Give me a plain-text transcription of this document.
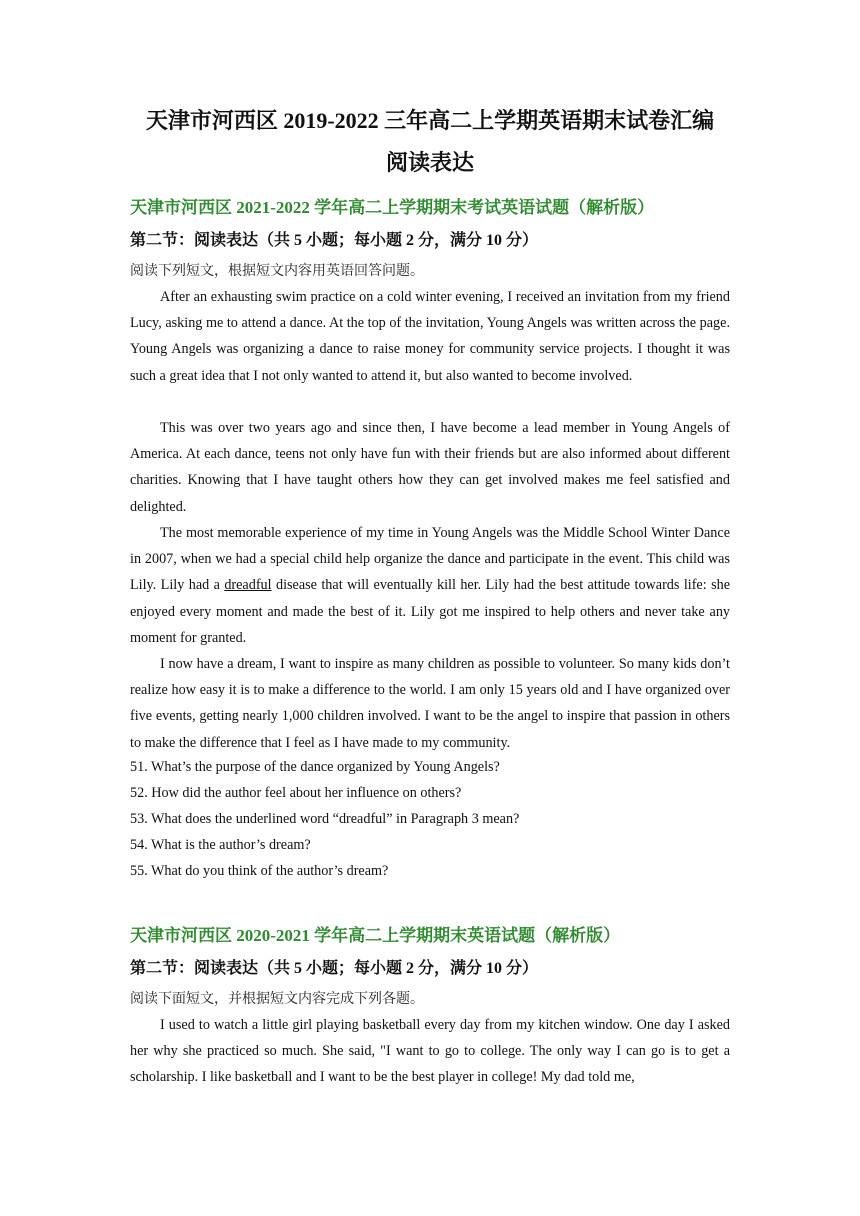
天津市河西区 2019-2022 三年高二上学期英语期末试卷汇编
阅读表达
天津市河西区 2021-2022 学年高二上学期期末考试英语试题（解析版）
第二节：阅读表达（共 5 小题；每小题 2 分，满分 10 分）
阅读下列短文，根据短文内容用英语回答问题。

After an exhausting swim practice on a cold winter evening, I received an invitation from my friend Lucy, asking me to attend a dance. At the top of the invitation, Young Angels was written across the page. Young Angels was organizing a dance to raise money for community service projects. I thought it was such a great idea that I not only wanted to attend it, but also wanted to become involved.

This was over two years ago and since then, I have become a lead member in Young Angels of America. At each dance, teens not only have fun with their friends but are also informed about different charities. Knowing that I have taught others how they can get involved makes me feel satisfied and delighted.

The most memorable experience of my time in Young Angels was the Middle School Winter Dance in 2007, when we had a special child help organize the dance and participate in the event. This child was Lily. Lily had a dreadful disease that will eventually kill her. Lily had the best attitude towards life: she enjoyed every moment and made the best of it. Lily got me inspired to help others and never take any moment for granted.

I now have a dream, I want to inspire as many children as possible to volunteer. So many kids don’t realize how easy it is to make a difference to the world. I am only 15 years old and I have organized over five events, getting nearly 1,000 children involved. I want to be the angel to inspire that passion in others to make the difference that I feel as I have made to my community.

51. What’s the purpose of the dance organized by Young Angels?

52. How did the author feel about her influence on others?

53. What does the underlined word “dreadful” in Paragraph 3 mean?

54. What is the author’s dream?

55. What do you think of the author’s dream?

天津市河西区 2020-2021 学年高二上学期期末英语试题（解析版）
第二节：阅读表达（共 5 小题；每小题 2 分，满分 10 分）
阅读下面短文，并根据短文内容完成下列各题。

I used to watch a little girl playing basketball every day from my kitchen window. One day I asked her why she practiced so much. She said, "I want to go to college. The only way I can go is to get a scholarship. I like basketball and I want to be the best player in college! My dad told me,
